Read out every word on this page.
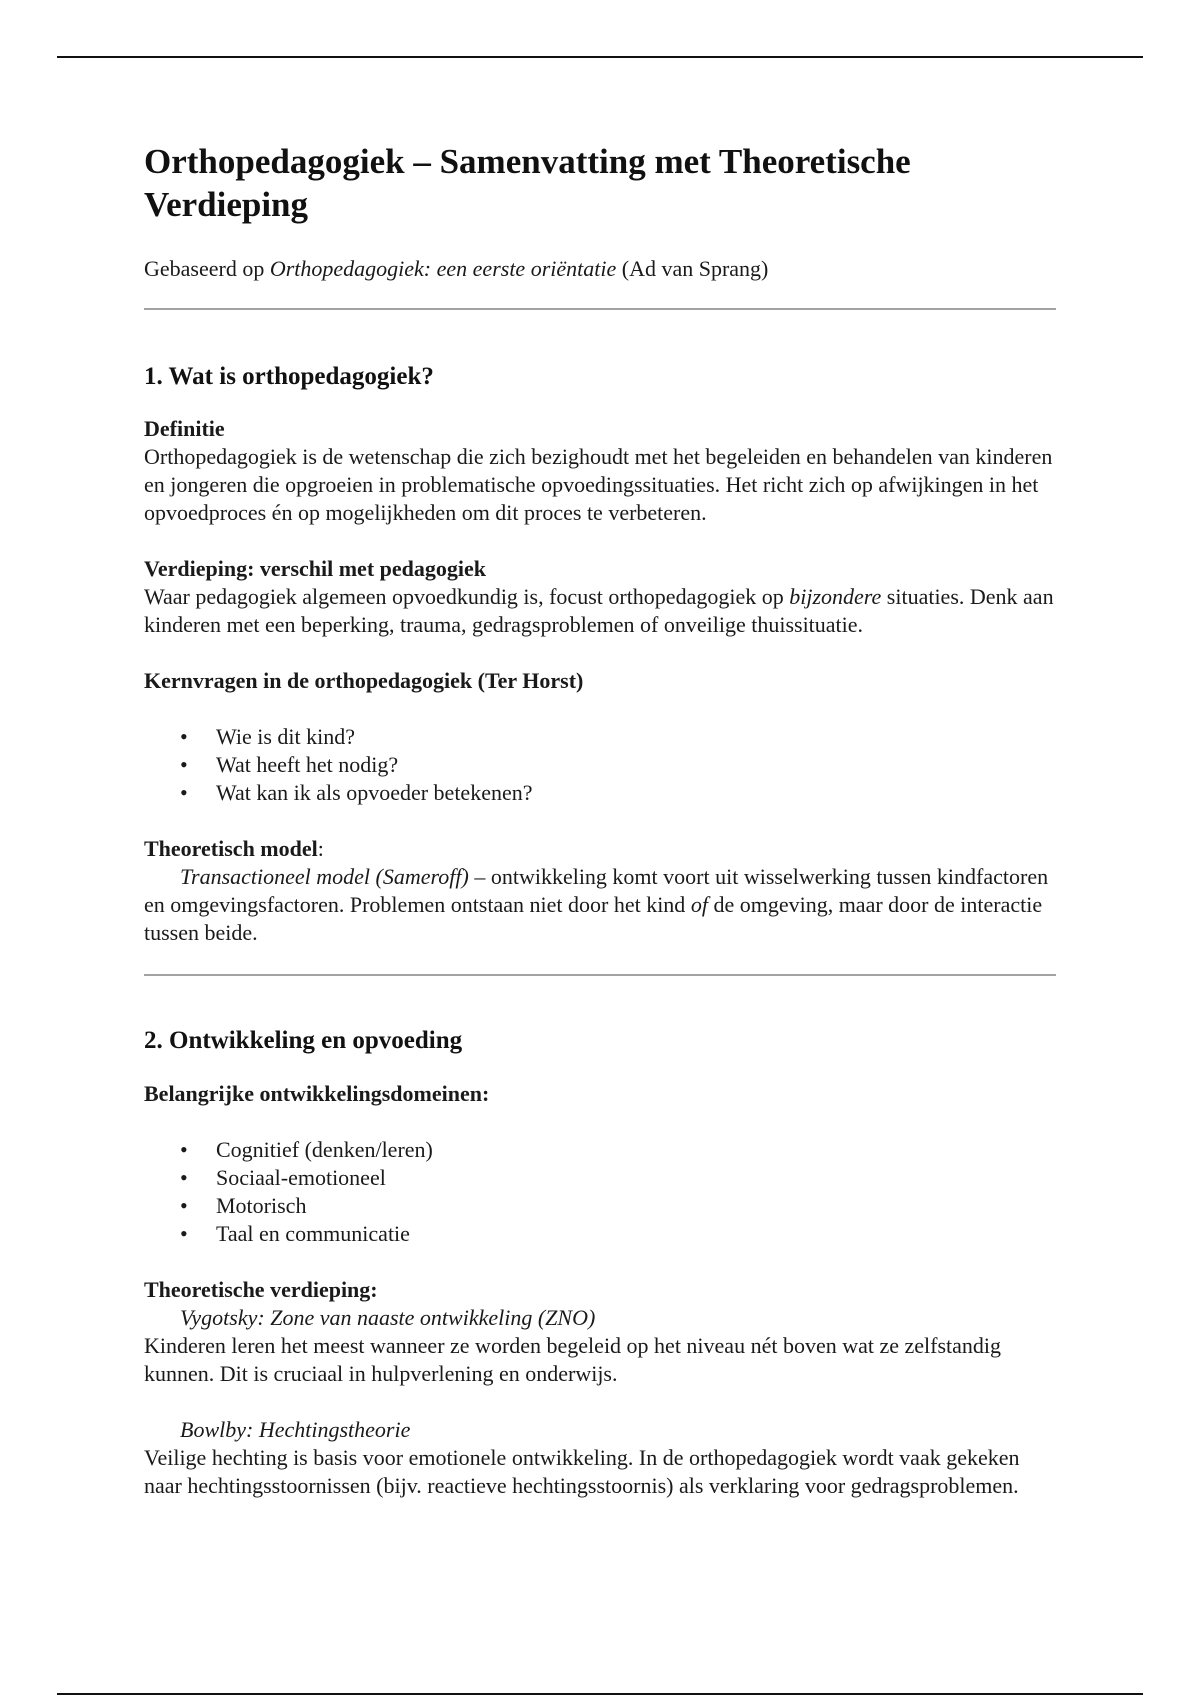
Orthopedagogiek – Samenvatting met Theoretische Verdieping

Gebaseerd op Orthopedagogiek: een eerste oriëntatie (Ad van Sprang)

1. Wat is orthopedagogiek?

Definitie

Orthopedagogiek is de wetenschap die zich bezighoudt met het begeleiden en behandelen van kinderen en jongeren die opgroeien in problematische opvoedingssituaties. Het richt zich op afwijkingen in het opvoedproces én op mogelijkheden om dit proces te verbeteren.

Verdieping: verschil met pedagogiek

Waar pedagogiek algemeen opvoedkundig is, focust orthopedagogiek op bijzondere situaties. Denk aan kinderen met een beperking, trauma, gedragsproblemen of onveilige thuissituatie.

Kernvragen in de orthopedagogiek (Ter Horst)

• Wie is dit kind?
• Wat heeft het nodig?
• Wat kan ik als opvoeder betekenen?

Theoretisch model:

Transactioneel model (Sameroff) – ontwikkeling komt voort uit wisselwerking tussen kindfactoren en omgevingsfactoren. Problemen ontstaan niet door het kind of de omgeving, maar door de interactie tussen beide.

2. Ontwikkeling en opvoeding

Belangrijke ontwikkelingsdomeinen:

• Cognitief (denken/leren)
• Sociaal-emotioneel
• Motorisch
• Taal en communicatie

Theoretische verdieping:

Vygotsky: Zone van naaste ontwikkeling (ZNO)

Kinderen leren het meest wanneer ze worden begeleid op het niveau nét boven wat ze zelfstandig kunnen. Dit is cruciaal in hulpverlening en onderwijs.

Bowlby: Hechtingstheorie

Veilige hechting is basis voor emotionele ontwikkeling. In de orthopedagogiek wordt vaak gekeken naar hechtingsstoornissen (bijv. reactieve hechtingsstoornis) als verklaring voor gedragsproblemen.
